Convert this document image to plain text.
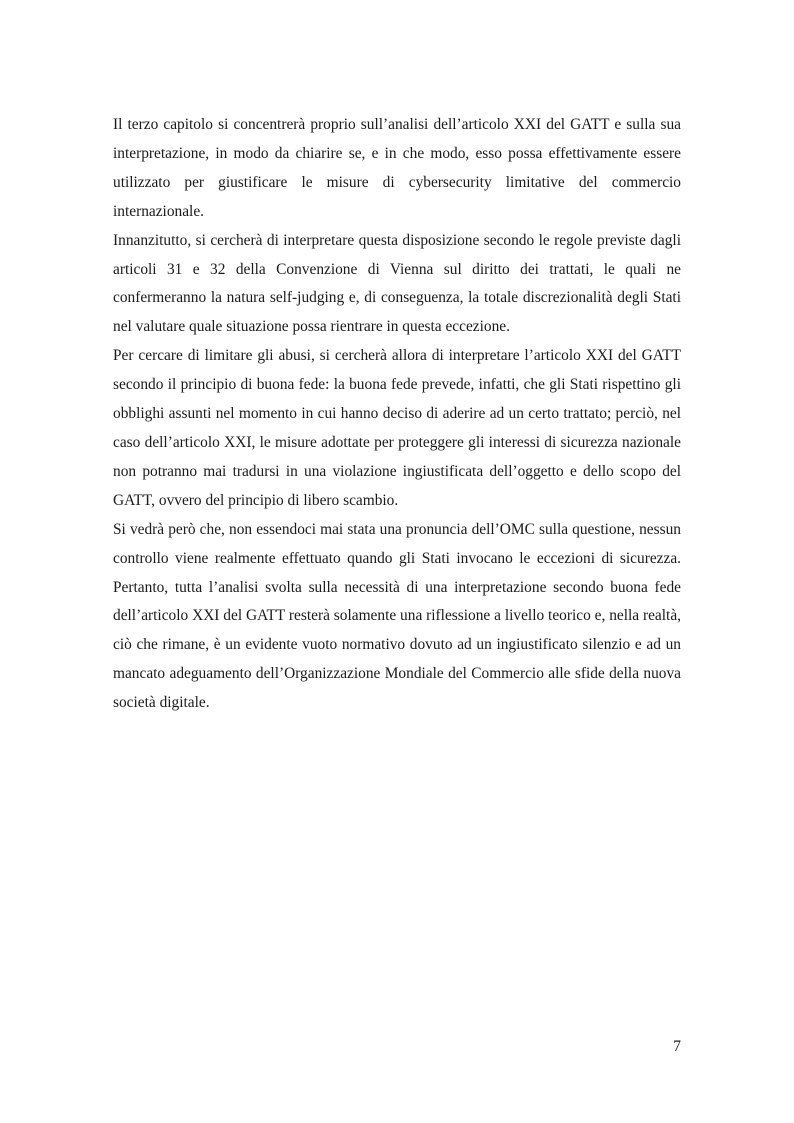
Il terzo capitolo si concentrerà proprio sull’analisi dell’articolo XXI del GATT e sulla sua interpretazione, in modo da chiarire se, e in che modo, esso possa effettivamente essere utilizzato per giustificare le misure di cybersecurity limitative del commercio internazionale.

Innanzitutto, si cercherà di interpretare questa disposizione secondo le regole previste dagli articoli 31 e 32 della Convenzione di Vienna sul diritto dei trattati, le quali ne confermeranno la natura self-judging e, di conseguenza, la totale discrezionalità degli Stati nel valutare quale situazione possa rientrare in questa eccezione.

Per cercare di limitare gli abusi, si cercherà allora di interpretare l’articolo XXI del GATT secondo il principio di buona fede: la buona fede prevede, infatti, che gli Stati rispettino gli obblighi assunti nel momento in cui hanno deciso di aderire ad un certo trattato; perciò, nel caso dell’articolo XXI, le misure adottate per proteggere gli interessi di sicurezza nazionale non potranno mai tradursi in una violazione ingiustificata dell’oggetto e dello scopo del GATT, ovvero del principio di libero scambio.

Si vedrà però che, non essendoci mai stata una pronuncia dell’OMC sulla questione, nessun controllo viene realmente effettuato quando gli Stati invocano le eccezioni di sicurezza. Pertanto, tutta l’analisi svolta sulla necessità di una interpretazione secondo buona fede dell’articolo XXI del GATT resterà solamente una riflessione a livello teorico e, nella realtà, ciò che rimane, è un evidente vuoto normativo dovuto ad un ingiustificato silenzio e ad un mancato adeguamento dell’Organizzazione Mondiale del Commercio alle sfide della nuova società digitale.

7
